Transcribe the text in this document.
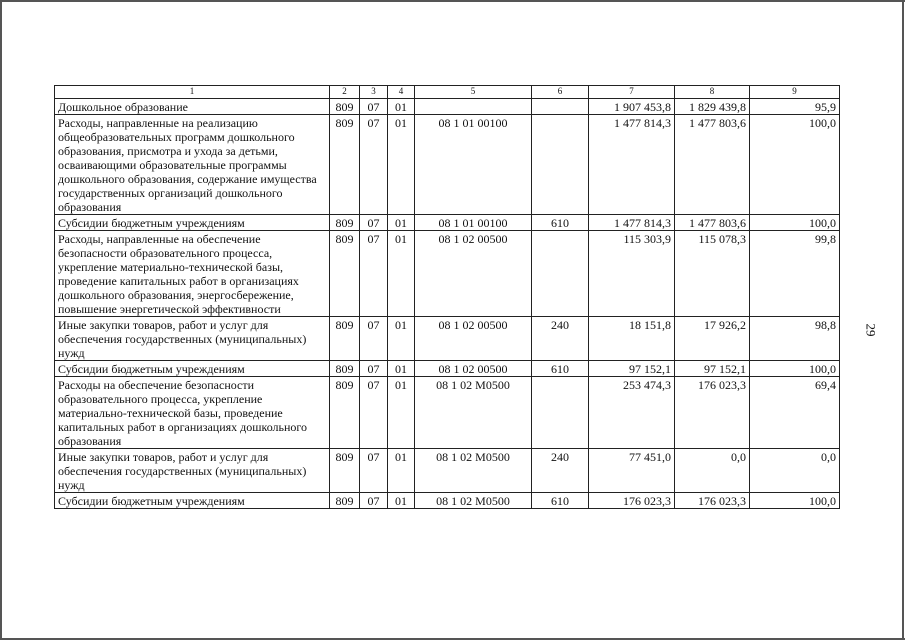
1	2	3	4	5	6	7	8	9
Дошкольное образование	809	07	01			1 907 453,8	1 829 439,8	95,9
Расходы, направленные на реализацию общеобразовательных программ дошкольного образования, присмотра и ухода за детьми, осваивающими образовательные программы дошкольного образования, содержание имущества государственных организаций дошкольного образования	809	07	01	08 1 01 00100		1 477 814,3	1 477 803,6	100,0
Субсидии бюджетным учреждениям	809	07	01	08 1 01 00100	610	1 477 814,3	1 477 803,6	100,0
Расходы, направленные на обеспечение безопасности образовательного процесса, укрепление материально-технической базы, проведение капитальных работ в организациях дошкольного образования, энергосбережение, повышение энергетической эффективности	809	07	01	08 1 02 00500		115 303,9	115 078,3	99,8
Иные закупки товаров, работ и услуг для обеспечения государственных (муниципальных) нужд	809	07	01	08 1 02 00500	240	18 151,8	17 926,2	98,8
Субсидии бюджетным учреждениям	809	07	01	08 1 02 00500	610	97 152,1	97 152,1	100,0
Расходы на обеспечение безопасности образовательного процесса, укрепление материально-технической базы, проведение капитальных работ в организациях дошкольного образования	809	07	01	08 1 02 M0500		253 474,3	176 023,3	69,4
Иные закупки товаров, работ и услуг для обеспечения государственных (муниципальных) нужд	809	07	01	08 1 02 M0500	240	77 451,0	0,0	0,0
Субсидии бюджетным учреждениям	809	07	01	08 1 02 M0500	610	176 023,3	176 023,3	100,0
29
